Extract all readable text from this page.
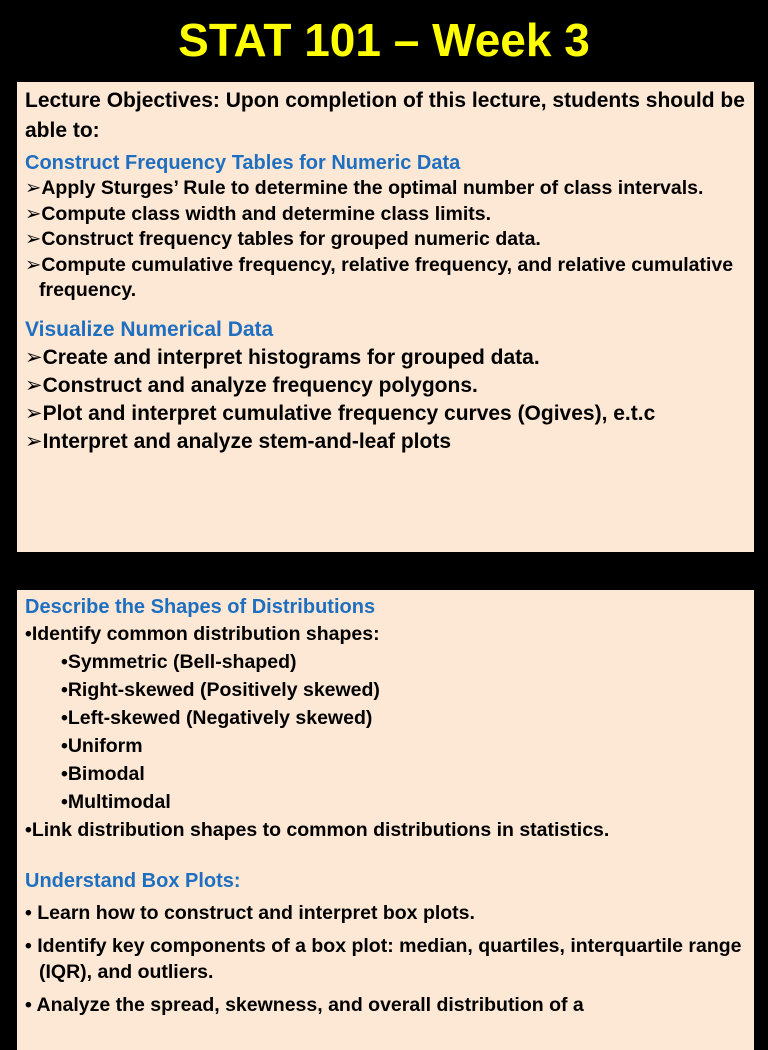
STAT 101 – Week 3

Lecture Objectives: Upon completion of this lecture, students should be able to:

Construct Frequency Tables for Numeric Data

➢Apply Sturges’ Rule to determine the optimal number of class intervals.

➢Compute class width and determine class limits.

➢Construct frequency tables for grouped numeric data.

➢Compute cumulative frequency, relative frequency, and relative cumulative frequency.

Visualize Numerical Data

➢Create and interpret histograms for grouped data.

➢Construct and analyze frequency polygons.

➢Plot and interpret cumulative frequency curves (Ogives), e.t.c

➢Interpret and analyze stem-and-leaf plots

Describe the Shapes of Distributions

•Identify common distribution shapes:

•Symmetric (Bell-shaped)

•Right-skewed (Positively skewed)

•Left-skewed (Negatively skewed)

•Uniform

•Bimodal

•Multimodal

•Link distribution shapes to common distributions in statistics.

Understand Box Plots:

• Learn how to construct and interpret box plots.

• Identify key components of a box plot: median, quartiles, interquartile range (IQR), and outliers.

• Analyze the spread, skewness, and overall distribution of a
